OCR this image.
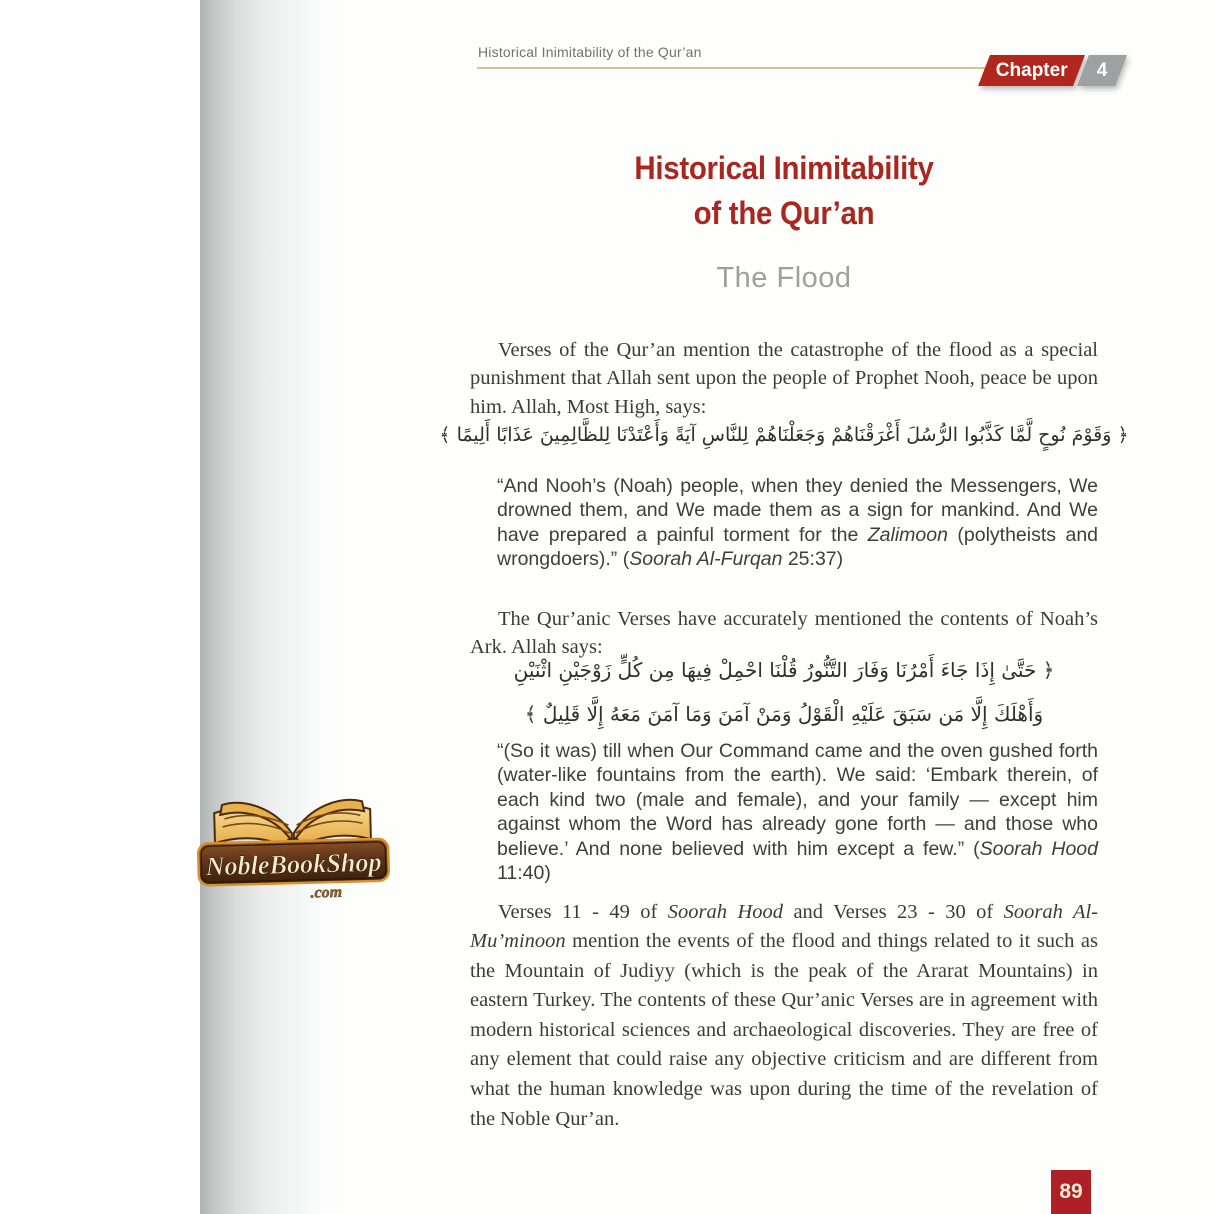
Historical Inimitability of the Qur’an
Chapter 4
Historical Inimitability
of the Qur’an
The Flood

Verses of the Qur’an mention the catastrophe of the flood as a special punishment that Allah sent upon the people of Prophet Nooh, peace be upon him. Allah, Most High, says:

﴿ وَقَوْمَ نُوحٍ لَّمَّا كَذَّبُوا الرُّسُلَ أَغْرَقْنَاهُمْ وَجَعَلْنَاهُمْ لِلنَّاسِ آيَةً وَأَعْتَدْنَا لِلظَّالِمِينَ عَذَابًا أَلِيمًا ﴾
“And Nooh’s (Noah) people, when they denied the Messengers, We drowned them, and We made them as a sign for mankind. And We have prepared a painful torment for the Zalimoon (polytheists and wrongdoers).” (Soorah Al-Furqan 25:37)

The Qur’anic Verses have accurately mentioned the contents of Noah’s Ark. Allah says:

﴿ حَتَّىٰ إِذَا جَاءَ أَمْرُنَا وَفَارَ التَّنُّورُ قُلْنَا احْمِلْ فِيهَا مِن كُلٍّ زَوْجَيْنِ اثْنَيْنِ
وَأَهْلَكَ إِلَّا مَن سَبَقَ عَلَيْهِ الْقَوْلُ وَمَنْ آمَنَ وَمَا آمَنَ مَعَهُ إِلَّا قَلِيلٌ ﴾
“(So it was) till when Our Command came and the oven gushed forth (water-like fountains from the earth). We said: ‘Embark therein, of each kind two (male and female), and your family — except him against whom the Word has already gone forth — and those who believe.’ And none believed with him except a few.” (Soorah Hood 11:40)

Verses 11 - 49 of Soorah Hood and Verses 23 - 30 of Soorah Al-Mu’minoon mention the events of the flood and things related to it such as the Mountain of Judiyy (which is the peak of the Ararat Mountains) in eastern Turkey. The contents of these Qur’anic Verses are in agreement with modern historical sciences and archaeological discoveries. They are free of any element that could raise any objective criticism and are different from what the human knowledge was upon during the time of the revelation of the Noble Qur’an.

89
NobleBookShop
.com
